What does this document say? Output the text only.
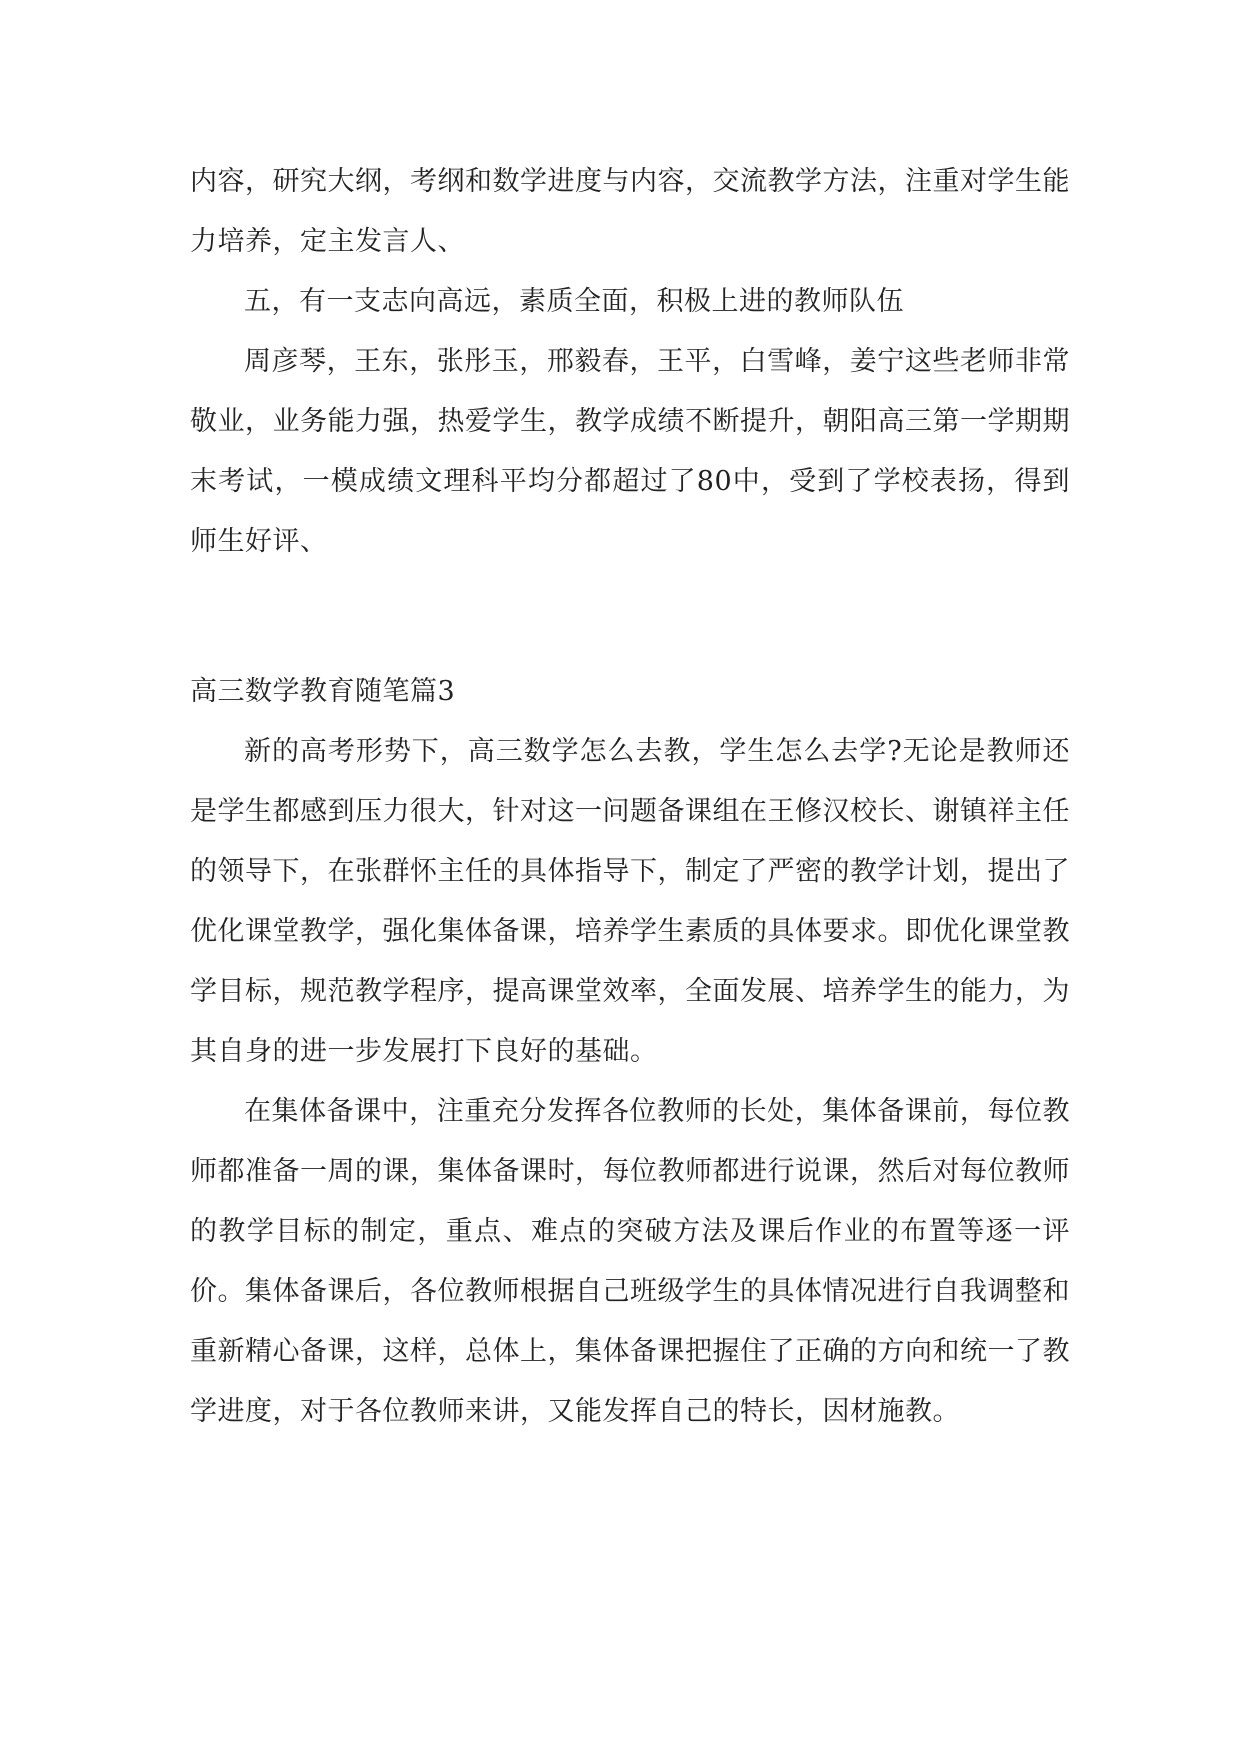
内容，研究大纲，考纲和数学进度与内容，交流教学方法，注重对学生能力培养，定主发言人、

五，有一支志向高远，素质全面，积极上进的教师队伍

周彦琴，王东，张彤玉，邢毅春，王平，白雪峰，姜宁这些老师非常敬业，业务能力强，热爱学生，教学成绩不断提升，朝阳高三第一学期期末考试，一模成绩文理科平均分都超过了80中，受到了学校表扬，得到师生好评、

高三数学教育随笔篇3

新的高考形势下，高三数学怎么去教，学生怎么去学?无论是教师还是学生都感到压力很大，针对这一问题备课组在王修汉校长、谢镇祥主任的领导下，在张群怀主任的具体指导下，制定了严密的教学计划，提出了优化课堂教学，强化集体备课，培养学生素质的具体要求。即优化课堂教学目标，规范教学程序，提高课堂效率，全面发展、培养学生的能力，为其自身的进一步发展打下良好的基础。

在集体备课中，注重充分发挥各位教师的长处，集体备课前，每位教师都准备一周的课，集体备课时，每位教师都进行说课，然后对每位教师的教学目标的制定，重点、难点的突破方法及课后作业的布置等逐一评价。集体备课后，各位教师根据自己班级学生的具体情况进行自我调整和重新精心备课，这样，总体上，集体备课把握住了正确的方向和统一了教学进度，对于各位教师来讲，又能发挥自己的特长，因材施教。
